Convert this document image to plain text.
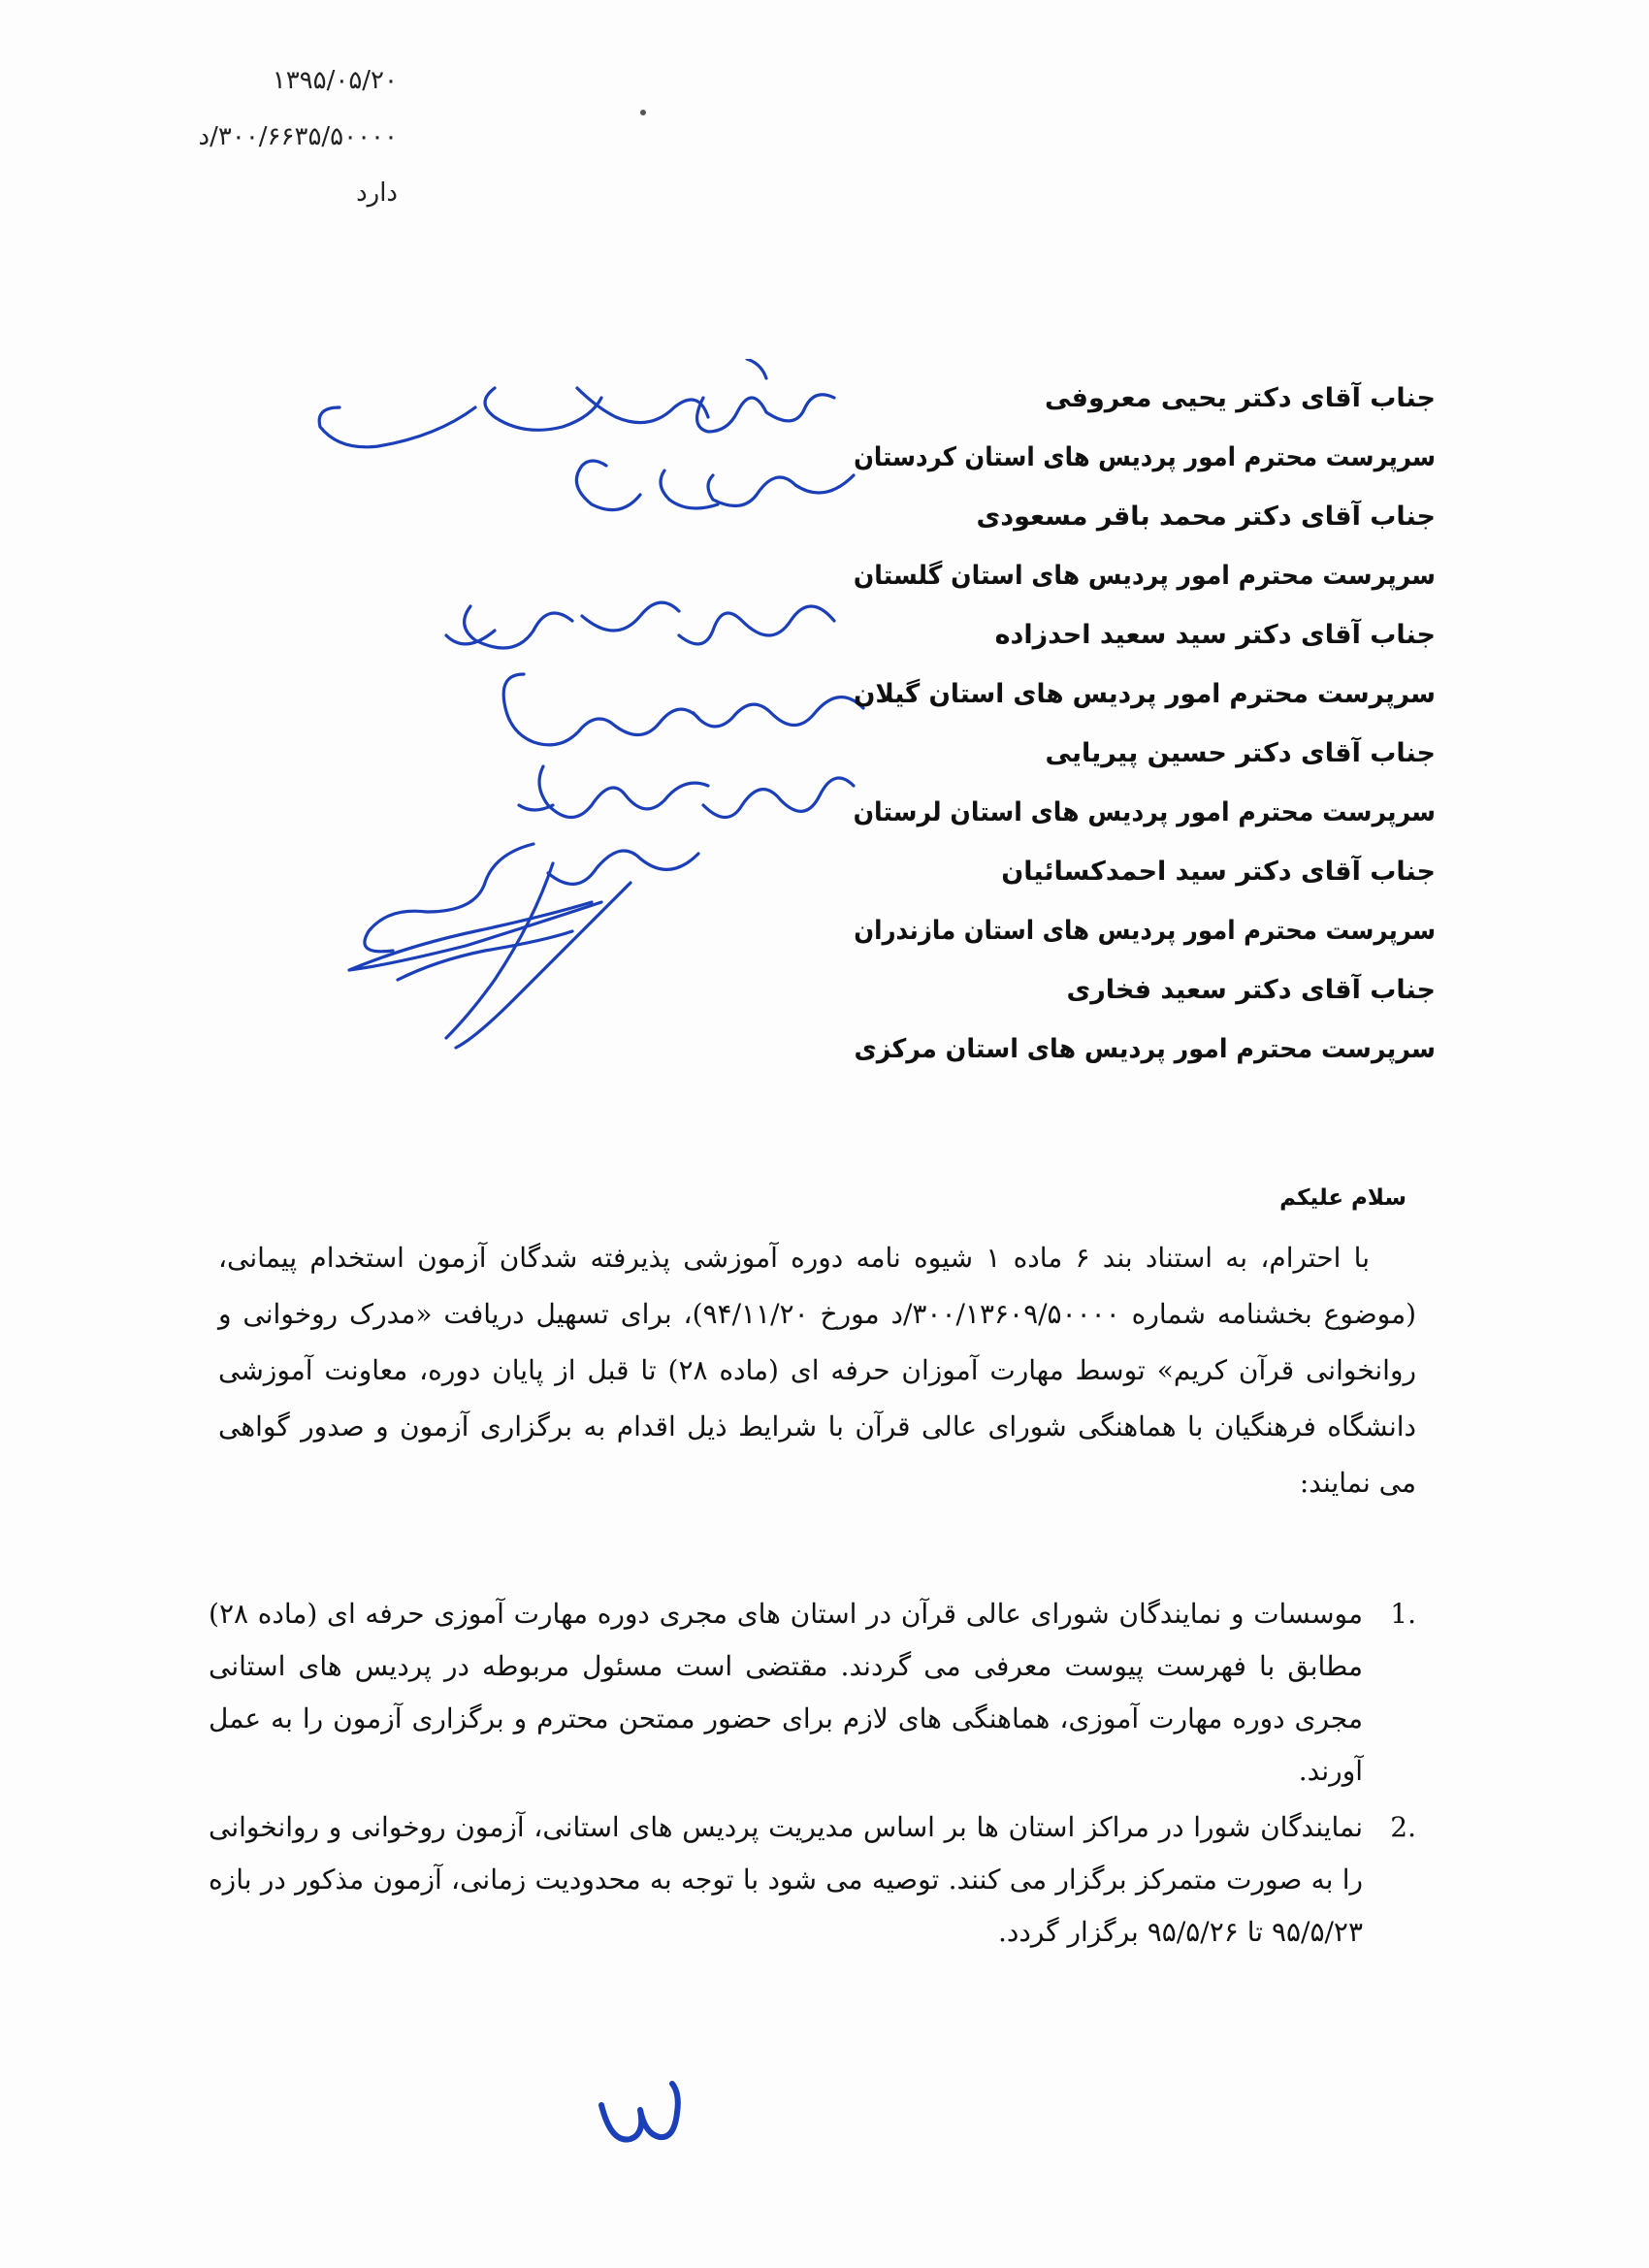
۱۳۹۵/۰۵/۲۰
۳۰۰/۶۶۳۵/۵۰۰۰۰/د
دارد
جناب آقای دکتر یحیی معروفی
سرپرست محترم امور پردیس های استان کردستان
جناب آقای دکتر محمد باقر مسعودی
سرپرست محترم امور پردیس های استان گلستان
جناب آقای دکتر سید سعید احدزاده
سرپرست محترم امور پردیس های استان گیلان
جناب آقای دکتر حسین پیریایی
سرپرست محترم امور پردیس های استان لرستان
جناب آقای دکتر سید احمدکسائیان
سرپرست محترم امور پردیس های استان مازندران
جناب آقای دکتر سعید فخاری
سرپرست محترم امور پردیس های استان مرکزی
سلام علیکم
با احترام، به استناد بند ۶ ماده ۱ شیوه نامه دوره آموزشی پذیرفته شدگان آزمون استخدام پیمانی، (موضوع بخشنامه شماره ۳۰۰/۱۳۶۰۹/۵۰۰۰۰/د مورخ ۹۴/۱۱/۲۰)، برای تسهیل دریافت «مدرک روخوانی و روانخوانی قرآن کریم» توسط مهارت آموزان حرفه ای (ماده ۲۸) تا قبل از پایان دوره، معاونت آموزشی دانشگاه فرهنگیان با هماهنگی شورای عالی قرآن با شرایط ذیل اقدام به برگزاری آزمون و صدور گواهی می نمایند:
1.
موسسات و نمایندگان شورای عالی قرآن در استان های مجری دوره مهارت آموزی حرفه ای (ماده ۲۸) مطابق با فهرست پیوست معرفی می گردند. مقتضی است مسئول مربوطه در پردیس های استانی مجری دوره مهارت آموزی، هماهنگی های لازم برای حضور ممتحن محترم و برگزاری آزمون را به عمل آورند.
2.
نمایندگان شورا در مراکز استان ها بر اساس مدیریت پردیس های استانی، آزمون روخوانی و روانخوانی را به صورت متمرکز برگزار می کنند. توصیه می شود با توجه به محدودیت زمانی، آزمون مذکور در بازه ۹۵/۵/۲۳ تا ۹۵/۵/۲۶ برگزار گردد.
